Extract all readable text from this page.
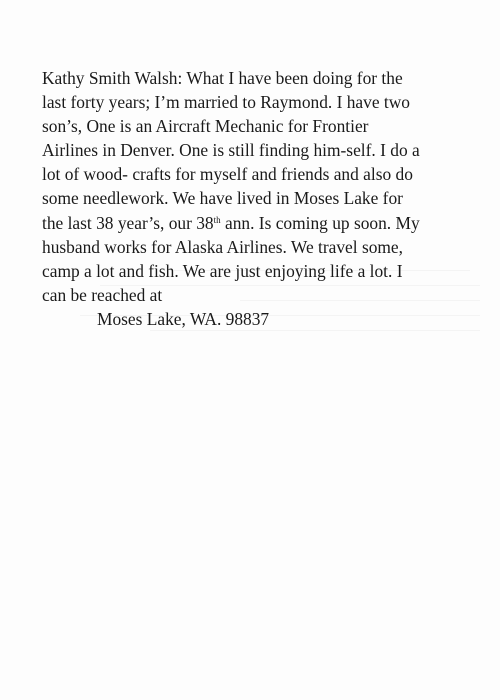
Kathy Smith Walsh: What I have been doing for the
last forty years; I’m married to Raymond. I have two
son’s, One is an Aircraft Mechanic for Frontier
Airlines in Denver. One is still finding him-self. I do a
lot of wood- crafts for myself and friends and also do
some needlework. We have lived in Moses Lake for
the last 38 year’s, our 38th ann. Is coming up soon. My
husband works for Alaska Airlines. We travel some,
camp a lot and fish. We are just enjoying life a lot. I
can be reached at
Moses Lake, WA. 98837
